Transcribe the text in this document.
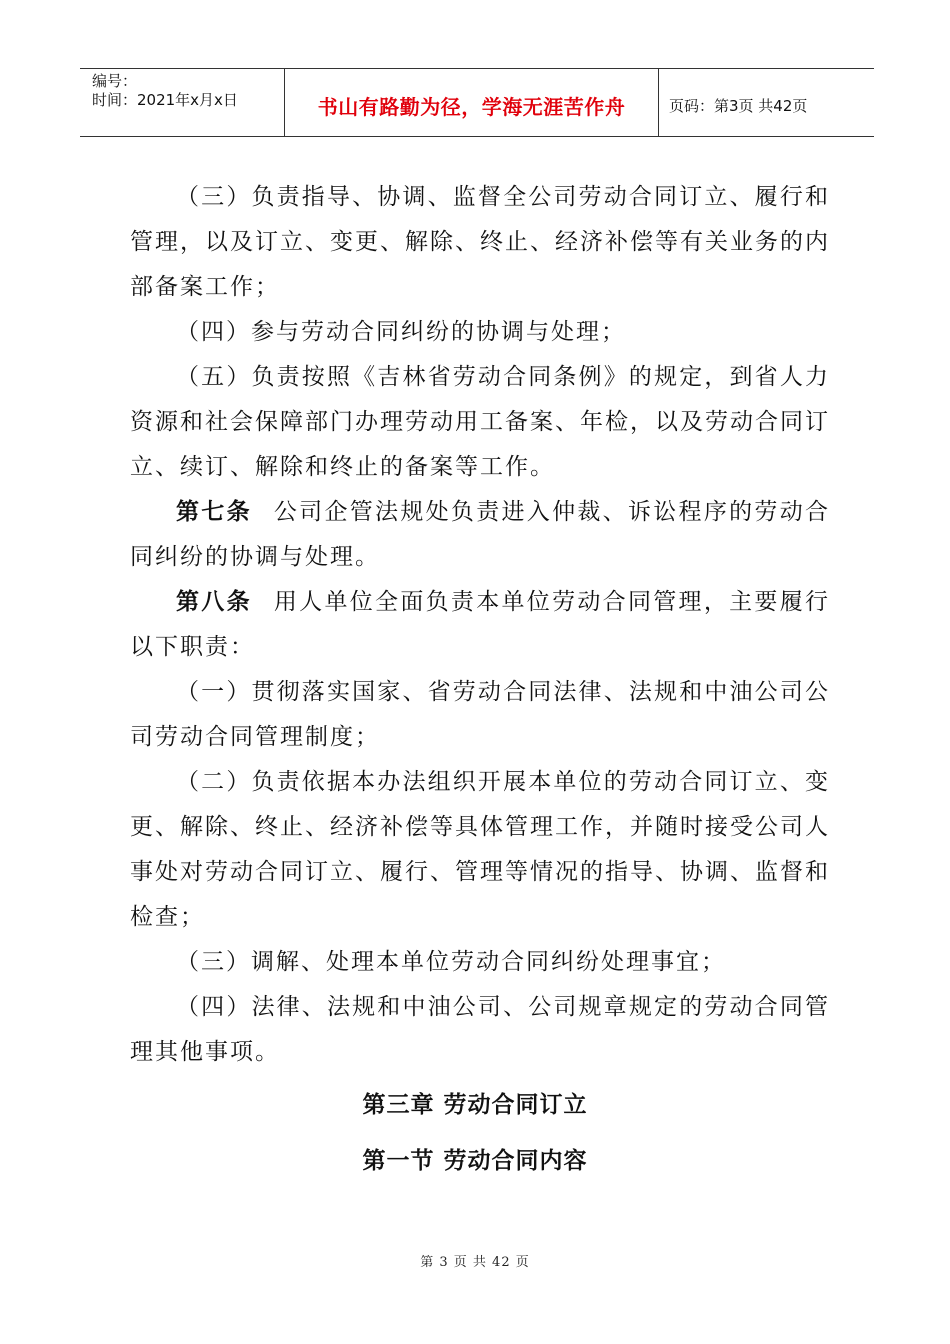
编号：
时间：2021年x月x日	书山有路勤为径，学海无涯苦作舟	页码：第3页 共42页

（三）负责指导、协调、监督全公司劳动合同订立、履行和管理，以及订立、变更、解除、终止、经济补偿等有关业务的内部备案工作；

（四）参与劳动合同纠纷的协调与处理；

（五）负责按照《吉林省劳动合同条例》的规定，到省人力资源和社会保障部门办理劳动用工备案、年检，以及劳动合同订立、续订、解除和终止的备案等工作。

第七条 公司企管法规处负责进入仲裁、诉讼程序的劳动合同纠纷的协调与处理。

第八条 用人单位全面负责本单位劳动合同管理，主要履行以下职责：

（一）贯彻落实国家、省劳动合同法律、法规和中油公司公司劳动合同管理制度；

（二）负责依据本办法组织开展本单位的劳动合同订立、变更、解除、终止、经济补偿等具体管理工作，并随时接受公司人事处对劳动合同订立、履行、管理等情况的指导、协调、监督和检查；

（三）调解、处理本单位劳动合同纠纷处理事宜；

（四）法律、法规和中油公司、公司规章规定的劳动合同管理其他事项。

第三章 劳动合同订立
第一节 劳动合同内容
第 3 页 共 42 页
